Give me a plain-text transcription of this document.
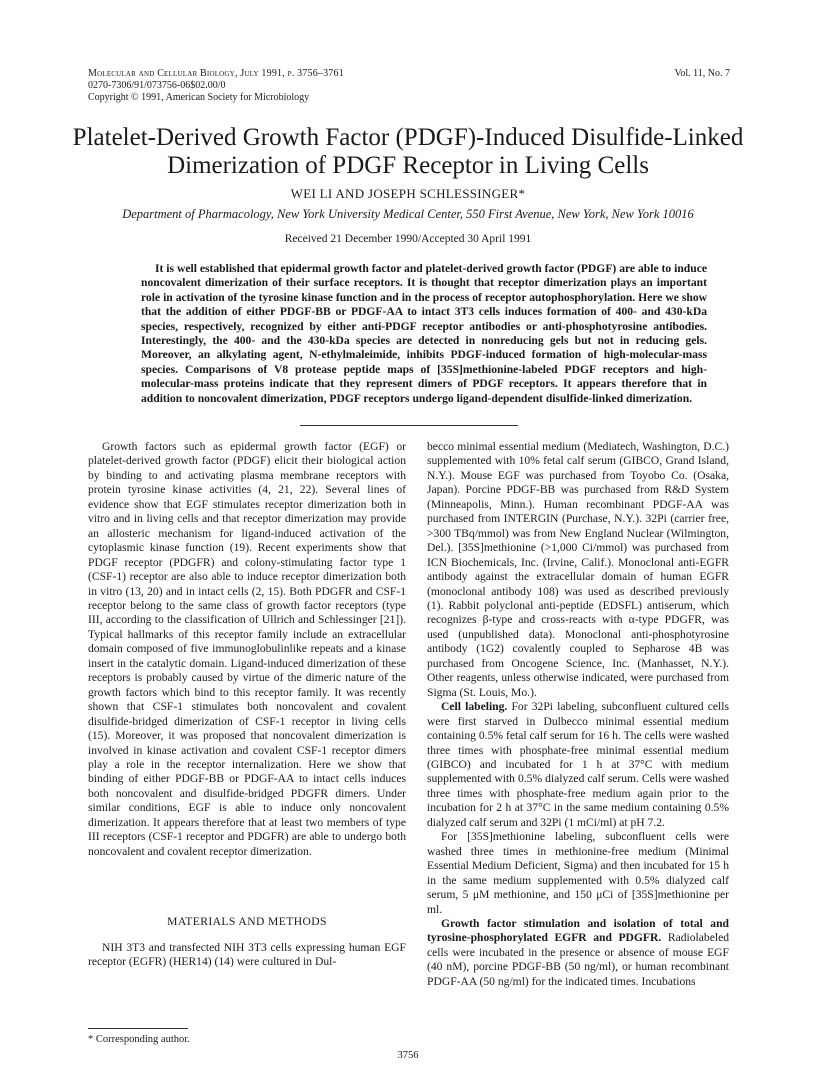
Molecular and Cellular Biology, July 1991, p. 3756–3761
0270-7306/91/073756-06$02.00/0
Copyright © 1991, American Society for Microbiology
Vol. 11, No. 7
Platelet-Derived Growth Factor (PDGF)-Induced Disulfide-Linked
Dimerization of PDGF Receptor in Living Cells
WEI LI AND JOSEPH SCHLESSINGER*
Department of Pharmacology, New York University Medical Center, 550 First Avenue, New York, New York 10016
Received 21 December 1990/Accepted 30 April 1991
It is well established that epidermal growth factor and platelet-derived growth factor (PDGF) are able to induce noncovalent dimerization of their surface receptors. It is thought that receptor dimerization plays an important role in activation of the tyrosine kinase function and in the process of receptor autophosphorylation. Here we show that the addition of either PDGF-BB or PDGF-AA to intact 3T3 cells induces formation of 400- and 430-kDa species, respectively, recognized by either anti-PDGF receptor antibodies or anti-phosphotyrosine antibodies. Interestingly, the 400- and the 430-kDa species are detected in nonreducing gels but not in reducing gels. Moreover, an alkylating agent, N-ethylmaleimide, inhibits PDGF-induced formation of high-molecular-mass species. Comparisons of V8 protease peptide maps of [35S]methionine-labeled PDGF receptors and high-molecular-mass proteins indicate that they represent dimers of PDGF receptors. It appears therefore that in addition to noncovalent dimerization, PDGF receptors undergo ligand-dependent disulfide-linked dimerization.

Growth factors such as epidermal growth factor (EGF) or platelet-derived growth factor (PDGF) elicit their biological action by binding to and activating plasma membrane receptors with protein tyrosine kinase activities (4, 21, 22). Several lines of evidence show that EGF stimulates receptor dimerization both in vitro and in living cells and that receptor dimerization may provide an allosteric mechanism for ligand-induced activation of the cytoplasmic kinase function (19). Recent experiments show that PDGF receptor (PDGFR) and colony-stimulating factor type 1 (CSF-1) receptor are also able to induce receptor dimerization both in vitro (13, 20) and in intact cells (2, 15). Both PDGFR and CSF-1 receptor belong to the same class of growth factor receptors (type III, according to the classification of Ullrich and Schlessinger [21]). Typical hallmarks of this receptor family include an extracellular domain composed of five immunoglobulinlike repeats and a kinase insert in the catalytic domain. Ligand-induced dimerization of these receptors is probably caused by virtue of the dimeric nature of the growth factors which bind to this receptor family. It was recently shown that CSF-1 stimulates both noncovalent and covalent disulfide-bridged dimerization of CSF-1 receptor in living cells (15). Moreover, it was proposed that noncovalent dimerization is involved in kinase activation and covalent CSF-1 receptor dimers play a role in the receptor internalization. Here we show that binding of either PDGF-BB or PDGF-AA to intact cells induces both noncovalent and disulfide-bridged PDGFR dimers. Under similar conditions, EGF is able to induce only noncovalent dimerization. It appears therefore that at least two members of type III receptors (CSF-1 receptor and PDGFR) are able to undergo both noncovalent and covalent receptor dimerization.

MATERIALS AND METHODS

NIH 3T3 and transfected NIH 3T3 cells expressing human EGF receptor (EGFR) (HER14) (14) were cultured in Dul-

* Corresponding author.

becco minimal essential medium (Mediatech, Washington, D.C.) supplemented with 10% fetal calf serum (GIBCO, Grand Island, N.Y.). Mouse EGF was purchased from Toyobo Co. (Osaka, Japan). Porcine PDGF-BB was purchased from R&D System (Minneapolis, Minn.). Human recombinant PDGF-AA was purchased from INTERGIN (Purchase, N.Y.). 32Pi (carrier free, >300 TBq/mmol) was from New England Nuclear (Wilmington, Del.). [35S]methionine (>1,000 Ci/mmol) was purchased from ICN Biochemicals, Inc. (Irvine, Calif.). Monoclonal anti-EGFR antibody against the extracellular domain of human EGFR (monoclonal antibody 108) was used as described previously (1). Rabbit polyclonal anti-peptide (EDSFL) antiserum, which recognizes β-type and cross-reacts with α-type PDGFR, was used (unpublished data). Monoclonal anti-phosphotyrosine antibody (1G2) covalently coupled to Sepharose 4B was purchased from Oncogene Science, Inc. (Manhasset, N.Y.). Other reagents, unless otherwise indicated, were purchased from Sigma (St. Louis, Mo.).

Cell labeling. For 32Pi labeling, subconfluent cultured cells were first starved in Dulbecco minimal essential medium containing 0.5% fetal calf serum for 16 h. The cells were washed three times with phosphate-free minimal essential medium (GIBCO) and incubated for 1 h at 37°C with medium supplemented with 0.5% dialyzed calf serum. Cells were washed three times with phosphate-free medium again prior to the incubation for 2 h at 37°C in the same medium containing 0.5% dialyzed calf serum and 32Pi (1 mCi/ml) at pH 7.2.

For [35S]methionine labeling, subconfluent cells were washed three times in methionine-free medium (Minimal Essential Medium Deficient, Sigma) and then incubated for 15 h in the same medium supplemented with 0.5% dialyzed calf serum, 5 μM methionine, and 150 μCi of [35S]methionine per ml.

Growth factor stimulation and isolation of total and tyrosine-phosphorylated EGFR and PDGFR. Radiolabeled cells were incubated in the presence or absence of mouse EGF (40 nM), porcine PDGF-BB (50 ng/ml), or human recombinant PDGF-AA (50 ng/ml) for the indicated times. Incubations

3756
